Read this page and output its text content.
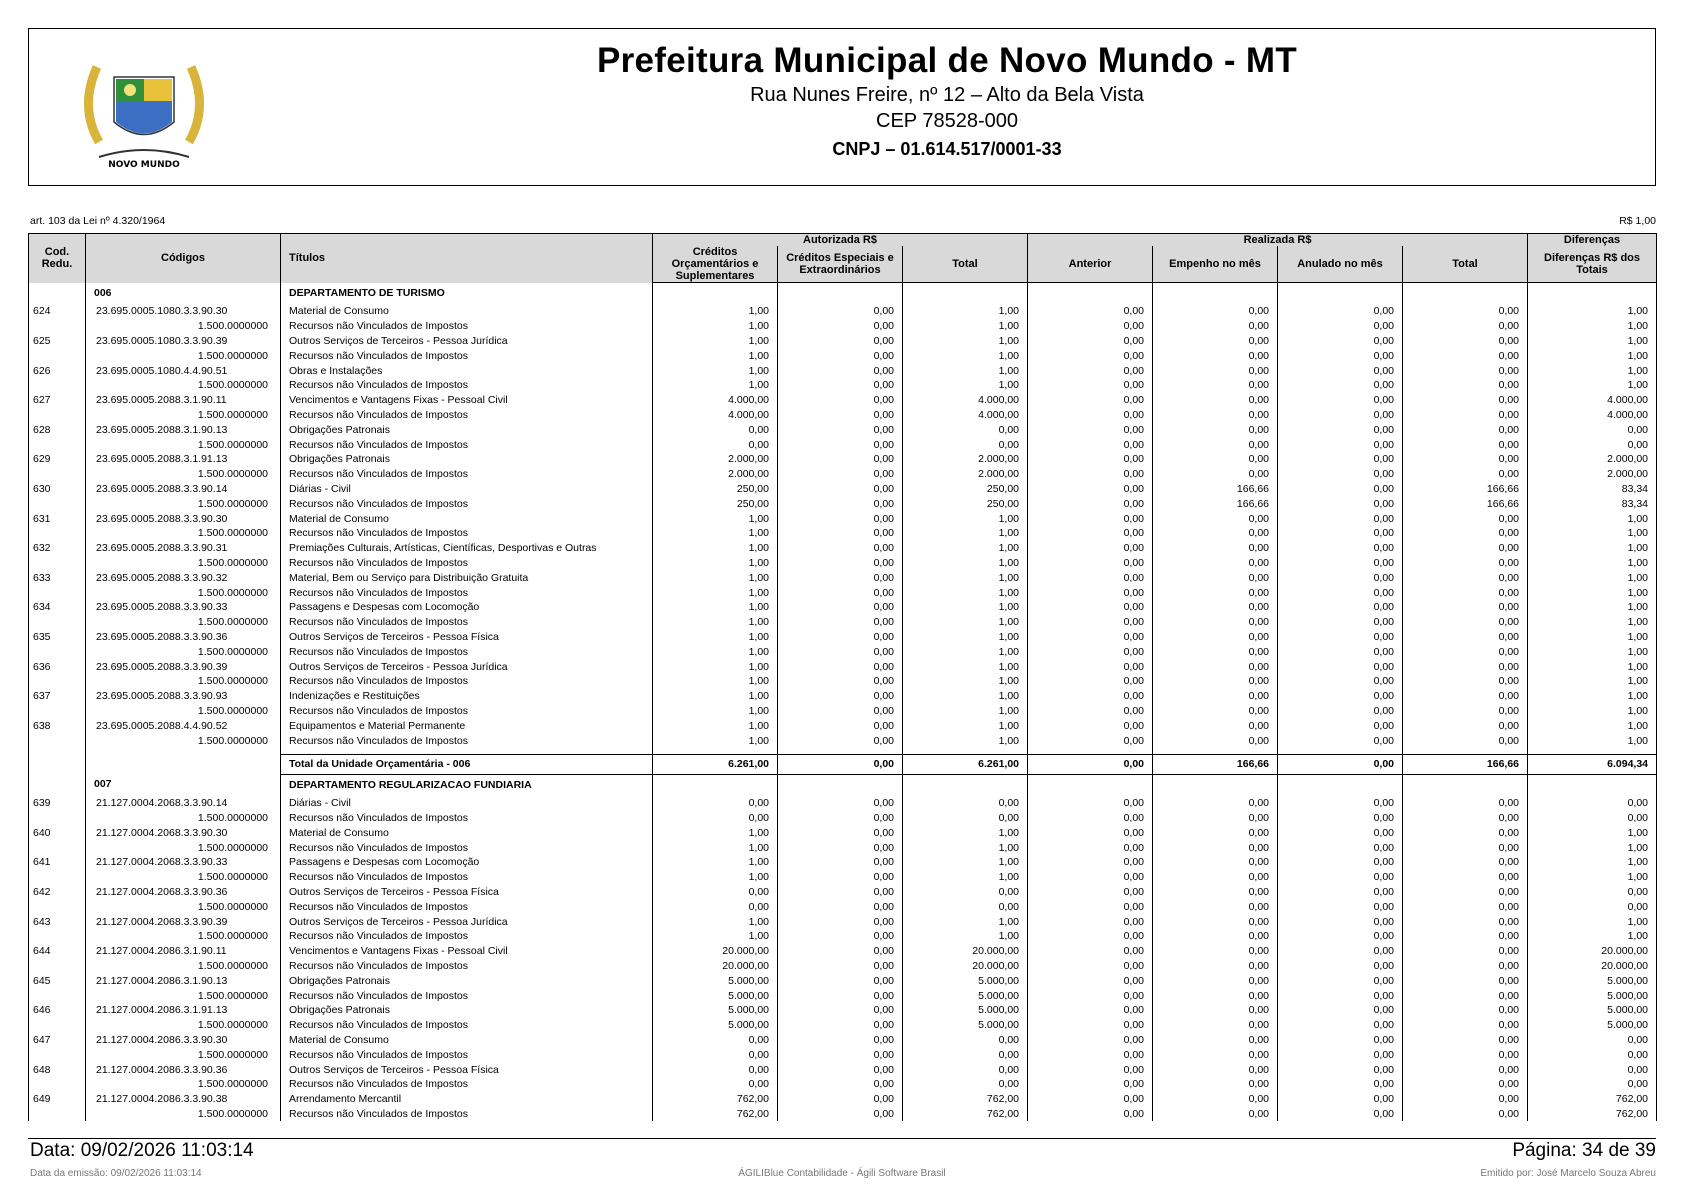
NOVO MUNDO
Prefeitura Municipal de Novo Mundo - MT
Rua Nunes Freire, nº 12 – Alto da Bela Vista
CEP 78528-000
CNPJ – 01.614.517/0001-33
art. 103 da Lei nº 4.320/1964	R$ 1,00
Cod. Redu.	Códigos	Títulos	Autorizada R$			Realizada R$				Diferenças
			Créditos Orçamentários e Suplementares	Créditos Especiais e Extraordinários	Total	Anterior	Empenho no mês	Anulado no mês	Total	Diferenças R$ dos Totais
	006	DEPARTAMENTO DE TURISMO								
624	23.695.0005.1080.3.3.90.30	Material de Consumo	1,00	0,00	1,00	0,00	0,00	0,00	0,00	1,00
	1.500.0000000	Recursos não Vinculados de Impostos	1,00	0,00	1,00	0,00	0,00	0,00	0,00	1,00
625	23.695.0005.1080.3.3.90.39	Outros Serviços de Terceiros - Pessoa Jurídica	1,00	0,00	1,00	0,00	0,00	0,00	0,00	1,00
	1.500.0000000	Recursos não Vinculados de Impostos	1,00	0,00	1,00	0,00	0,00	0,00	0,00	1,00
626	23.695.0005.1080.4.4.90.51	Obras e Instalações	1,00	0,00	1,00	0,00	0,00	0,00	0,00	1,00
	1.500.0000000	Recursos não Vinculados de Impostos	1,00	0,00	1,00	0,00	0,00	0,00	0,00	1,00
627	23.695.0005.2088.3.1.90.11	Vencimentos e Vantagens Fixas - Pessoal Civil	4.000,00	0,00	4.000,00	0,00	0,00	0,00	0,00	4.000,00
	1.500.0000000	Recursos não Vinculados de Impostos	4.000,00	0,00	4.000,00	0,00	0,00	0,00	0,00	4.000,00
628	23.695.0005.2088.3.1.90.13	Obrigações Patronais	0,00	0,00	0,00	0,00	0,00	0,00	0,00	0,00
	1.500.0000000	Recursos não Vinculados de Impostos	0,00	0,00	0,00	0,00	0,00	0,00	0,00	0,00
629	23.695.0005.2088.3.1.91.13	Obrigações Patronais	2.000,00	0,00	2.000,00	0,00	0,00	0,00	0,00	2.000,00
	1.500.0000000	Recursos não Vinculados de Impostos	2.000,00	0,00	2.000,00	0,00	0,00	0,00	0,00	2.000,00
630	23.695.0005.2088.3.3.90.14	Diárias - Civil	250,00	0,00	250,00	0,00	166,66	0,00	166,66	83,34
	1.500.0000000	Recursos não Vinculados de Impostos	250,00	0,00	250,00	0,00	166,66	0,00	166,66	83,34
631	23.695.0005.2088.3.3.90.30	Material de Consumo	1,00	0,00	1,00	0,00	0,00	0,00	0,00	1,00
	1.500.0000000	Recursos não Vinculados de Impostos	1,00	0,00	1,00	0,00	0,00	0,00	0,00	1,00
632	23.695.0005.2088.3.3.90.31	Premiações Culturais, Artísticas, Científicas, Desportivas e Outras	1,00	0,00	1,00	0,00	0,00	0,00	0,00	1,00
	1.500.0000000	Recursos não Vinculados de Impostos	1,00	0,00	1,00	0,00	0,00	0,00	0,00	1,00
633	23.695.0005.2088.3.3.90.32	Material, Bem ou Serviço para Distribuição Gratuita	1,00	0,00	1,00	0,00	0,00	0,00	0,00	1,00
	1.500.0000000	Recursos não Vinculados de Impostos	1,00	0,00	1,00	0,00	0,00	0,00	0,00	1,00
634	23.695.0005.2088.3.3.90.33	Passagens e Despesas com Locomoção	1,00	0,00	1,00	0,00	0,00	0,00	0,00	1,00
	1.500.0000000	Recursos não Vinculados de Impostos	1,00	0,00	1,00	0,00	0,00	0,00	0,00	1,00
635	23.695.0005.2088.3.3.90.36	Outros Serviços de Terceiros - Pessoa Física	1,00	0,00	1,00	0,00	0,00	0,00	0,00	1,00
	1.500.0000000	Recursos não Vinculados de Impostos	1,00	0,00	1,00	0,00	0,00	0,00	0,00	1,00
636	23.695.0005.2088.3.3.90.39	Outros Serviços de Terceiros - Pessoa Jurídica	1,00	0,00	1,00	0,00	0,00	0,00	0,00	1,00
	1.500.0000000	Recursos não Vinculados de Impostos	1,00	0,00	1,00	0,00	0,00	0,00	0,00	1,00
637	23.695.0005.2088.3.3.90.93	Indenizações e Restituições	1,00	0,00	1,00	0,00	0,00	0,00	0,00	1,00
	1.500.0000000	Recursos não Vinculados de Impostos	1,00	0,00	1,00	0,00	0,00	0,00	0,00	1,00
638	23.695.0005.2088.4.4.90.52	Equipamentos e Material Permanente	1,00	0,00	1,00	0,00	0,00	0,00	0,00	1,00
	1.500.0000000	Recursos não Vinculados de Impostos	1,00	0,00	1,00	0,00	0,00	0,00	0,00	1,00

		Total da Unidade Orçamentária - 006	6.261,00	0,00	6.261,00	0,00	166,66	0,00	166,66	6.094,34
	007	DEPARTAMENTO REGULARIZACAO FUNDIARIA								
639	21.127.0004.2068.3.3.90.14	Diárias - Civil	0,00	0,00	0,00	0,00	0,00	0,00	0,00	0,00
	1.500.0000000	Recursos não Vinculados de Impostos	0,00	0,00	0,00	0,00	0,00	0,00	0,00	0,00
640	21.127.0004.2068.3.3.90.30	Material de Consumo	1,00	0,00	1,00	0,00	0,00	0,00	0,00	1,00
	1.500.0000000	Recursos não Vinculados de Impostos	1,00	0,00	1,00	0,00	0,00	0,00	0,00	1,00
641	21.127.0004.2068.3.3.90.33	Passagens e Despesas com Locomoção	1,00	0,00	1,00	0,00	0,00	0,00	0,00	1,00
	1.500.0000000	Recursos não Vinculados de Impostos	1,00	0,00	1,00	0,00	0,00	0,00	0,00	1,00
642	21.127.0004.2068.3.3.90.36	Outros Serviços de Terceiros - Pessoa Física	0,00	0,00	0,00	0,00	0,00	0,00	0,00	0,00
	1.500.0000000	Recursos não Vinculados de Impostos	0,00	0,00	0,00	0,00	0,00	0,00	0,00	0,00
643	21.127.0004.2068.3.3.90.39	Outros Serviços de Terceiros - Pessoa Jurídica	1,00	0,00	1,00	0,00	0,00	0,00	0,00	1,00
	1.500.0000000	Recursos não Vinculados de Impostos	1,00	0,00	1,00	0,00	0,00	0,00	0,00	1,00
644	21.127.0004.2086.3.1.90.11	Vencimentos e Vantagens Fixas - Pessoal Civil	20.000,00	0,00	20.000,00	0,00	0,00	0,00	0,00	20.000,00
	1.500.0000000	Recursos não Vinculados de Impostos	20.000,00	0,00	20.000,00	0,00	0,00	0,00	0,00	20.000,00
645	21.127.0004.2086.3.1.90.13	Obrigações Patronais	5.000,00	0,00	5.000,00	0,00	0,00	0,00	0,00	5.000,00
	1.500.0000000	Recursos não Vinculados de Impostos	5.000,00	0,00	5.000,00	0,00	0,00	0,00	0,00	5.000,00
646	21.127.0004.2086.3.1.91.13	Obrigações Patronais	5.000,00	0,00	5.000,00	0,00	0,00	0,00	0,00	5.000,00
	1.500.0000000	Recursos não Vinculados de Impostos	5.000,00	0,00	5.000,00	0,00	0,00	0,00	0,00	5.000,00
647	21.127.0004.2086.3.3.90.30	Material de Consumo	0,00	0,00	0,00	0,00	0,00	0,00	0,00	0,00
	1.500.0000000	Recursos não Vinculados de Impostos	0,00	0,00	0,00	0,00	0,00	0,00	0,00	0,00
648	21.127.0004.2086.3.3.90.36	Outros Serviços de Terceiros - Pessoa Física	0,00	0,00	0,00	0,00	0,00	0,00	0,00	0,00
	1.500.0000000	Recursos não Vinculados de Impostos	0,00	0,00	0,00	0,00	0,00	0,00	0,00	0,00
649	21.127.0004.2086.3.3.90.38	Arrendamento Mercantil	762,00	0,00	762,00	0,00	0,00	0,00	0,00	762,00
	1.500.0000000	Recursos não Vinculados de Impostos	762,00	0,00	762,00	0,00	0,00	0,00	0,00	762,00
Data: 09/02/2026 11:03:14	Página: 34 de 39
Data da emissão: 09/02/2026 11:03:14	ÁGILIBlue Contabilidade - Ágili Software Brasil	Emitido por: José Marcelo Souza Abreu
